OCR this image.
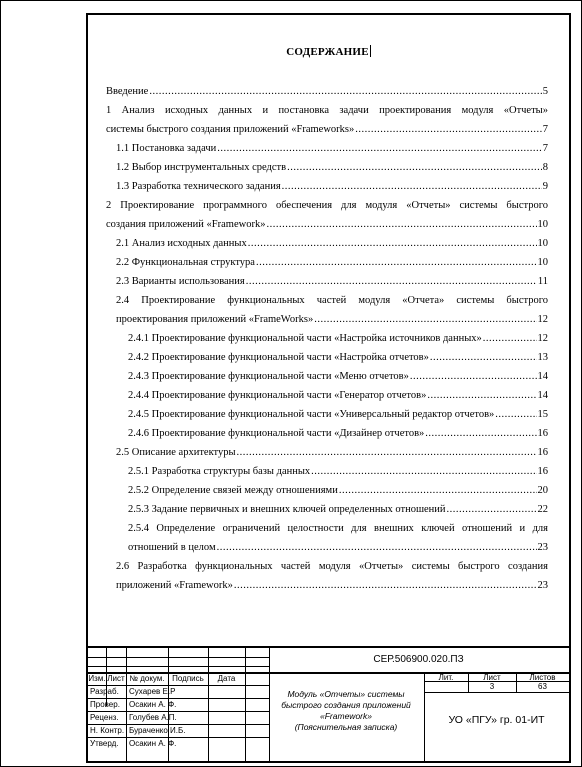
СОДЕРЖАНИЕ
Введение .....	5
1 Анализ исходных данных и постановка задачи проектирования модуля «Отчеты»
системы быстрого создания приложений «Frameworks» .....	7
1.1 Постановка задачи .....	7
1.2 Выбор инструментальных средств .....	8
1.3 Разработка технического задания .....	9
2 Проектирование программного обеспечения для модуля «Отчеты» системы быстрого
создания приложений «Framework» .....	10
2.1 Анализ исходных данных .....	10
2.2 Функциональная структура .....	10
2.3 Варианты использования .....	11
2.4 Проектирование функциональных частей модуля «Отчета» системы быстрого
проектирования приложений «FrameWorks» .....	12
2.4.1 Проектирование функциональной части «Настройка источников данных» .....	12
2.4.2 Проектирование функциональной части «Настройка отчетов» .....	13
2.4.3 Проектирование функциональной части «Меню отчетов» .....	14
2.4.4 Проектирование функциональной части «Генератор отчетов» .....	14
2.4.5 Проектирование функциональной части «Универсальный редактор отчетов» .....	15
2.4.6 Проектирование функциональной части «Дизайнер отчетов» .....	16
2.5 Описание архитектуры .....	16
2.5.1 Разработка структуры базы данных .....	16
2.5.2 Определение связей между отношениями .....	20
2.5.3 Задание первичных и внешних ключей определенных отношений .....	22
2.5.4 Определение ограничений целостности для внешних ключей отношений и для
отношений в целом .....	23
2.6 Разработка функциональных частей модуля «Отчеты» системы быстрого создания
приложений «Framework» .....	23
Изм. Лист № докум. Подпись	Дата
Разраб. Сухарев Е.Р
Провер. Осакин А. Ф.
Реценз. Голубев А.П.
Н. Контр. Бураченко И.Б.
Утверд. Осакин А. Ф.
СЕР.506900.020.ПЗ
Модуль «Отчеты» системы
быстрого создания приложений
«Framework»
(Пояснительная записка)
Лит.	Лист	Листов
3	63
УО «ПГУ» гр. 01-ИТ
